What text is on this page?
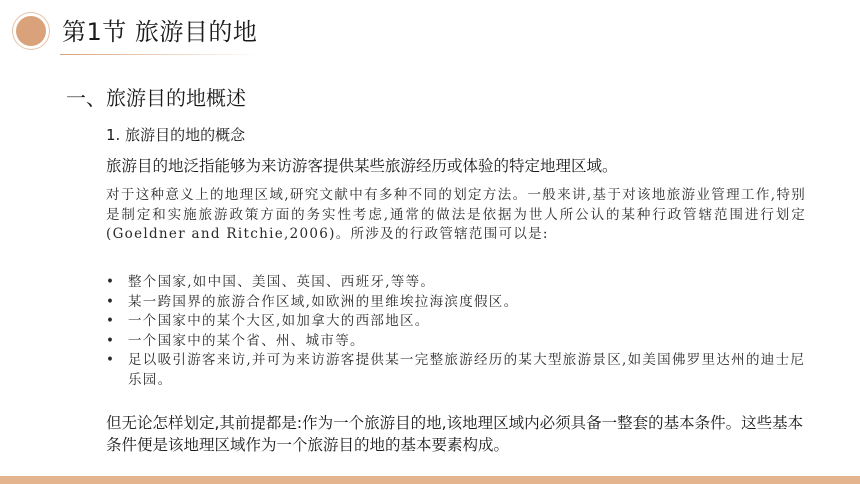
第1节 旅游目的地
一、旅游目的地概述
1. 旅游目的地的概念
旅游目的地泛指能够为来访游客提供某些旅游经历或体验的特定地理区域。

对于这种意义上的地理区域,研究文献中有多种不同的划定方法。一般来讲,基于对该地旅游业管理工作,特别是制定和实施旅游政策方面的务实性考虑,通常的做法是依据为世人所公认的某种行政管辖范围进行划定(Goeldner and Ritchie,2006)。所涉及的行政管辖范围可以是:

• 整个国家,如中国、美国、英国、西班牙,等等。
• 某一跨国界的旅游合作区域,如欧洲的里维埃拉海滨度假区。
• 一个国家中的某个大区,如加拿大的西部地区。
• 一个国家中的某个省、州、城市等。
• 足以吸引游客来访,并可为来访游客提供某一完整旅游经历的某大型旅游景区,如美国佛罗里达州的迪士尼乐园。

但无论怎样划定,其前提都是:作为一个旅游目的地,该地理区域内必须具备一整套的基本条件。这些基本条件便是该地理区域作为一个旅游目的地的基本要素构成。
